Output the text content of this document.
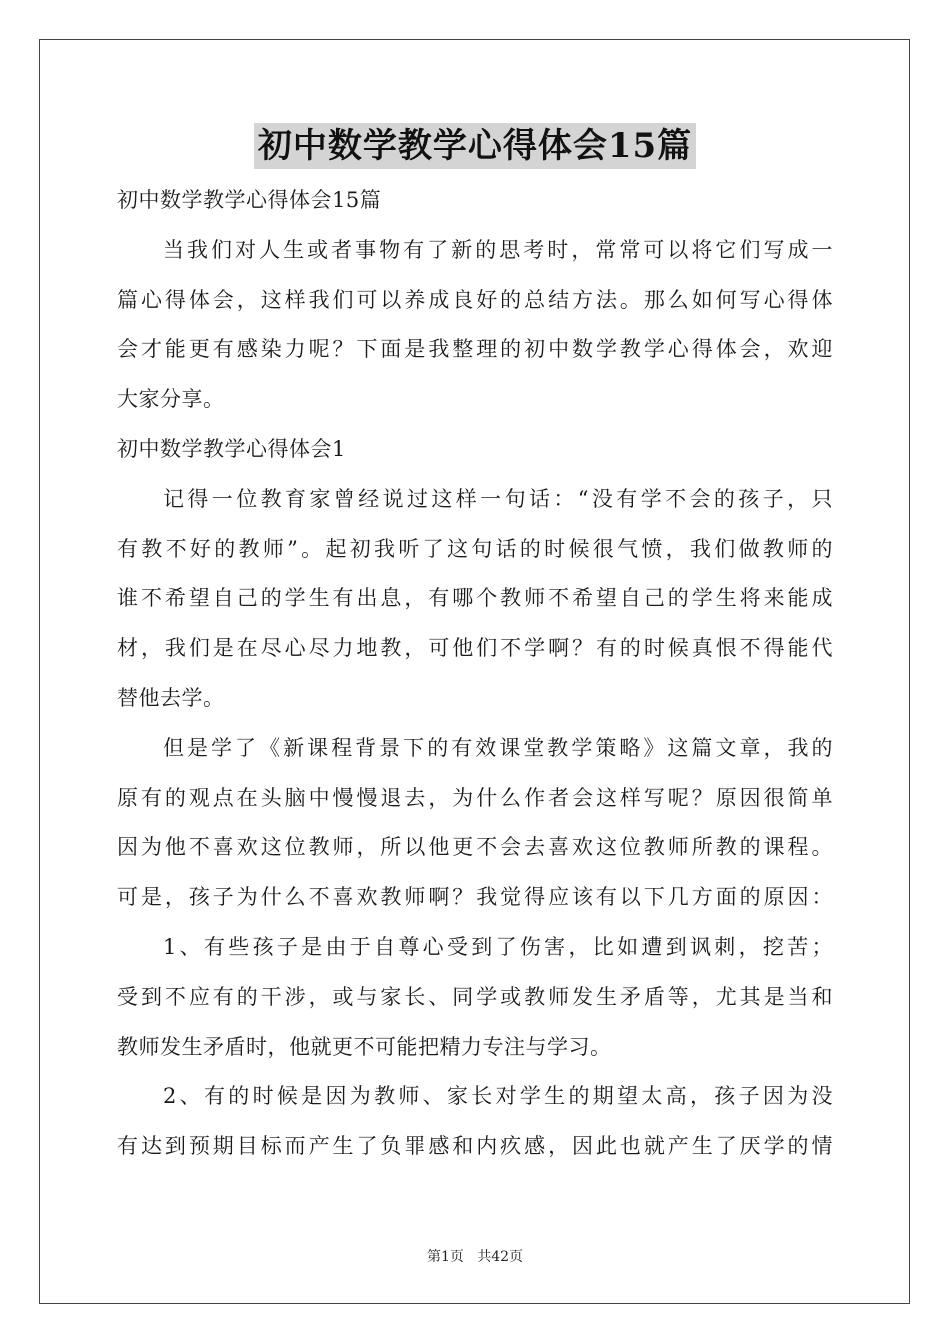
初中数学教学心得体会15篇
初中数学教学心得体会15篇
当我们对人生或者事物有了新的思考时，常常可以将它们写成一
篇心得体会，这样我们可以养成良好的总结方法。那么如何写心得体
会才能更有感染力呢？下面是我整理的初中数学教学心得体会，欢迎
大家分享。
初中数学教学心得体会1
记得一位教育家曾经说过这样一句话：“没有学不会的孩子，只
有教不好的教师”。起初我听了这句话的时候很气愤，我们做教师的
谁不希望自己的学生有出息，有哪个教师不希望自己的学生将来能成
材，我们是在尽心尽力地教，可他们不学啊？有的时候真恨不得能代
替他去学。
但是学了《新课程背景下的有效课堂教学策略》这篇文章，我的
原有的观点在头脑中慢慢退去，为什么作者会这样写呢？原因很简单
因为他不喜欢这位教师，所以他更不会去喜欢这位教师所教的课程。
可是，孩子为什么不喜欢教师啊？我觉得应该有以下几方面的原因：
1、有些孩子是由于自尊心受到了伤害，比如遭到讽刺，挖苦；
受到不应有的干涉，或与家长、同学或教师发生矛盾等，尤其是当和
教师发生矛盾时，他就更不可能把精力专注与学习。
2、有的时候是因为教师、家长对学生的期望太高，孩子因为没
有达到预期目标而产生了负罪感和内疚感，因此也就产生了厌学的情
第1页   共42页
